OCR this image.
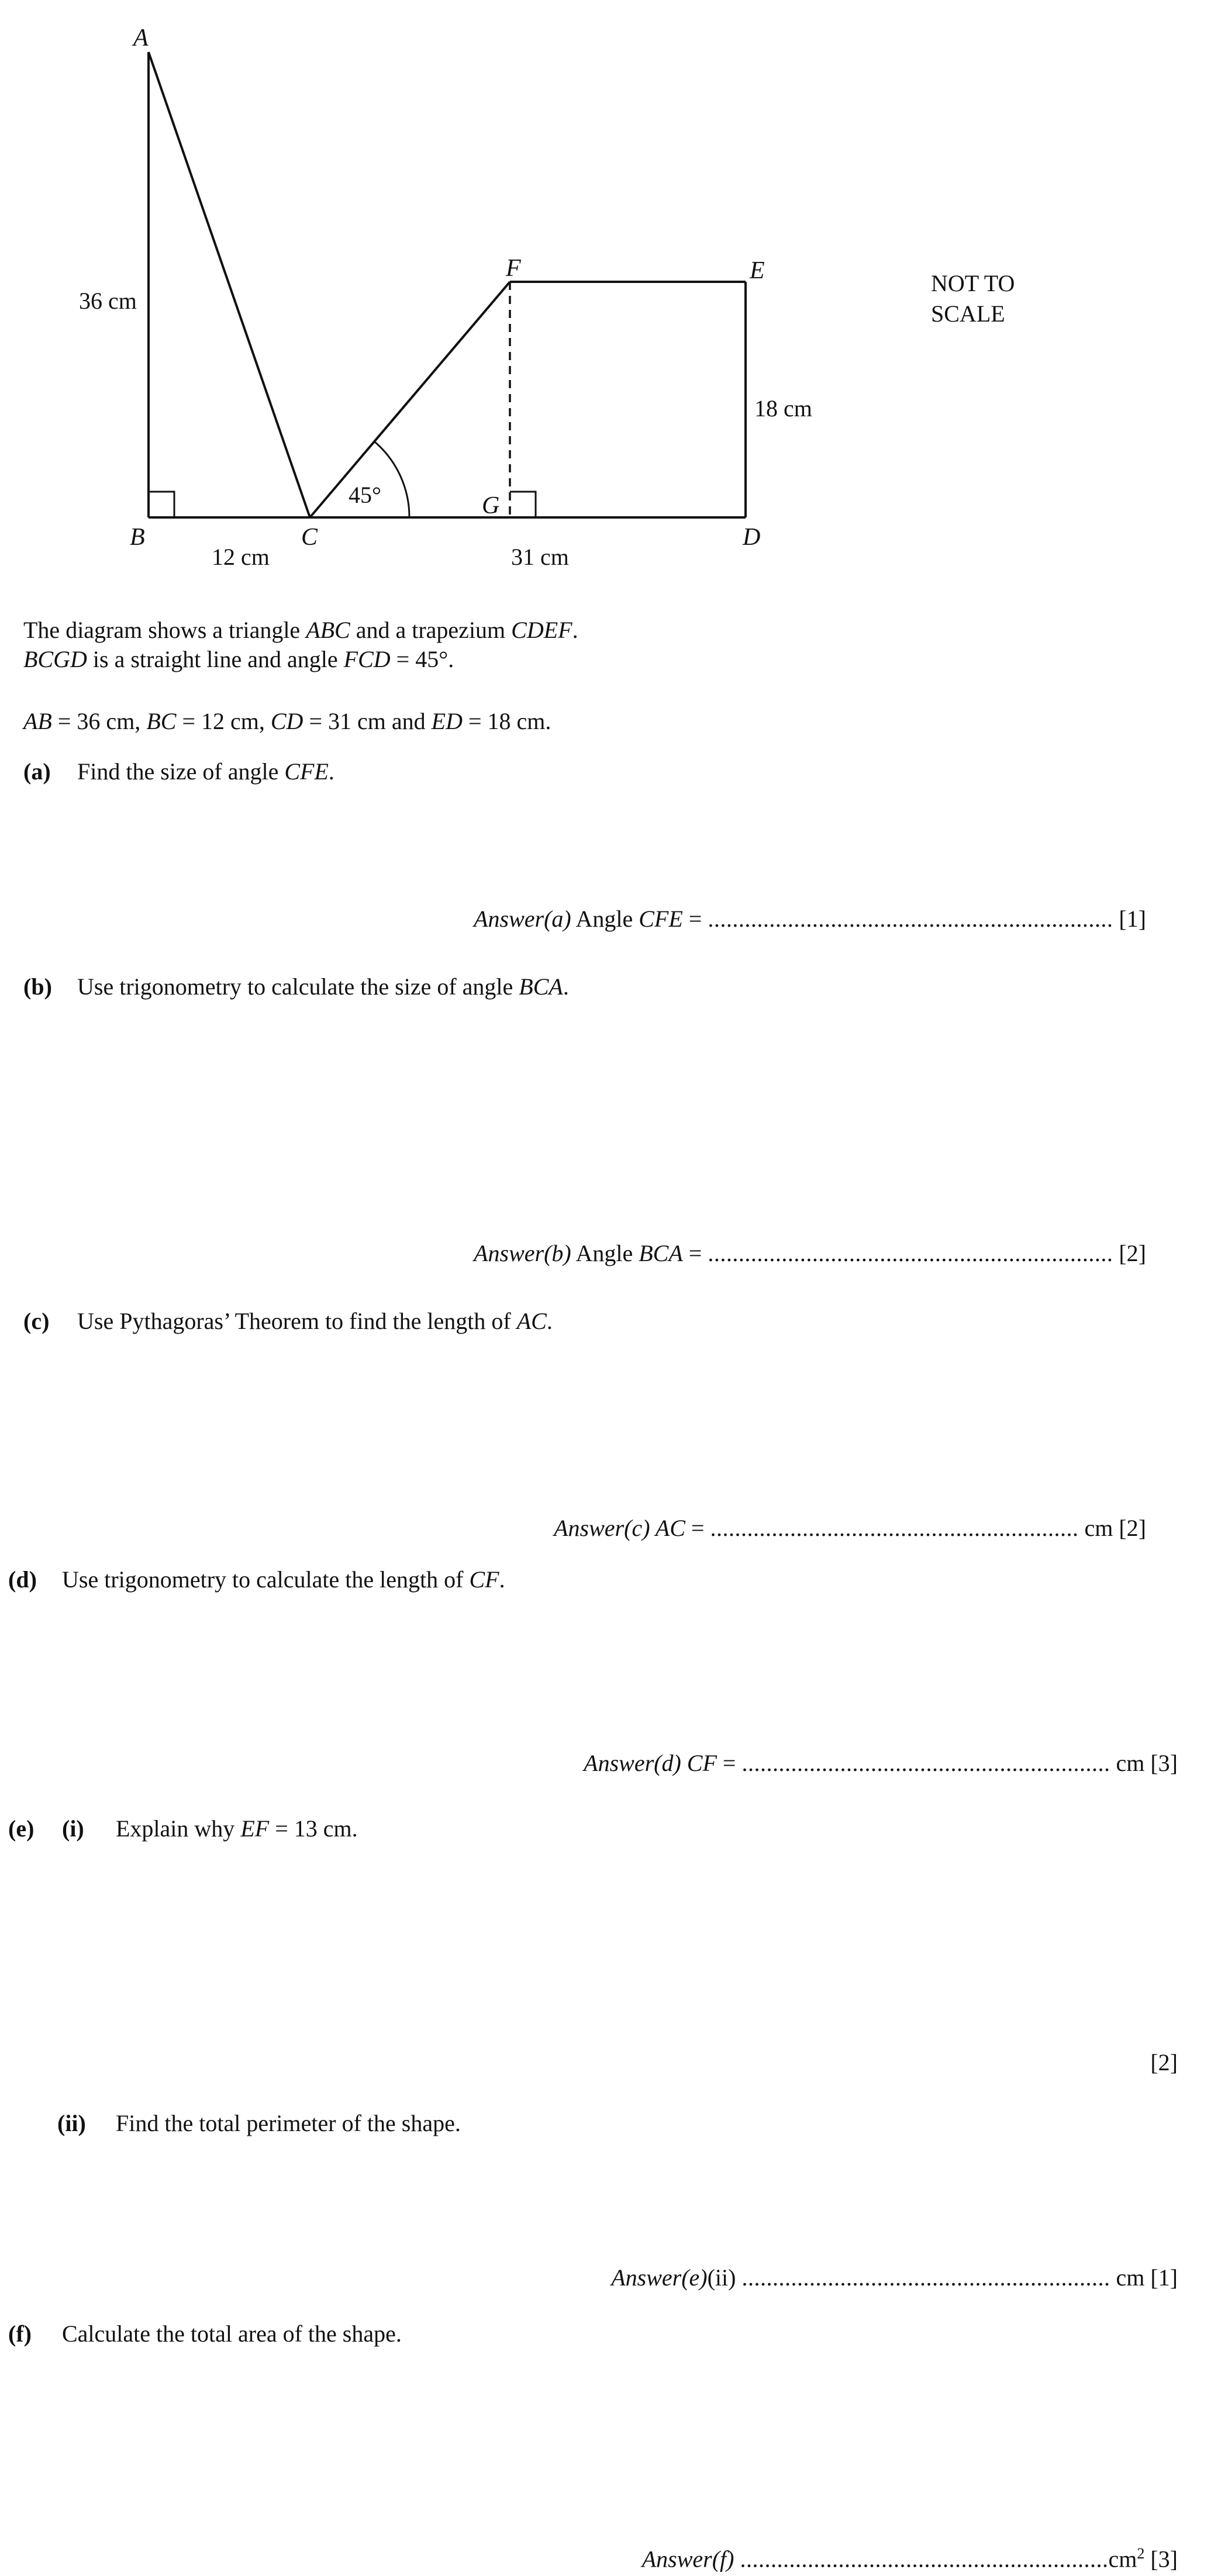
A
B	C	D
E
F
G
36 cm
12 cm	31 cm
18 cm
45°
NOT TO
SCALE
The diagram shows a triangle ABC and a trapezium CDEF.
BCGD is a straight line and angle FCD = 45°.
AB = 36 cm, BC = 12 cm, CD = 31 cm and ED = 18 cm.
(a) Find the size of angle CFE.
Answer(a) Angle CFE = .................................................................. [1]
(b) Use trigonometry to calculate the size of angle BCA.
Answer(b) Angle BCA = .................................................................. [2]
(c) Use Pythagoras’ Theorem to find the length of AC.
Answer(c) AC = ............................................................ cm [2]
(d) Use trigonometry to calculate the length of CF.
Answer(d) CF = ............................................................ cm [3]
(e) (i) Explain why EF = 13 cm.
[2]
(ii) Find the total perimeter of the shape.
Answer(e)(ii) ............................................................ cm [1]
(f) Calculate the total area of the shape.
Answer(f) $............................................................cm^2$ [3]
